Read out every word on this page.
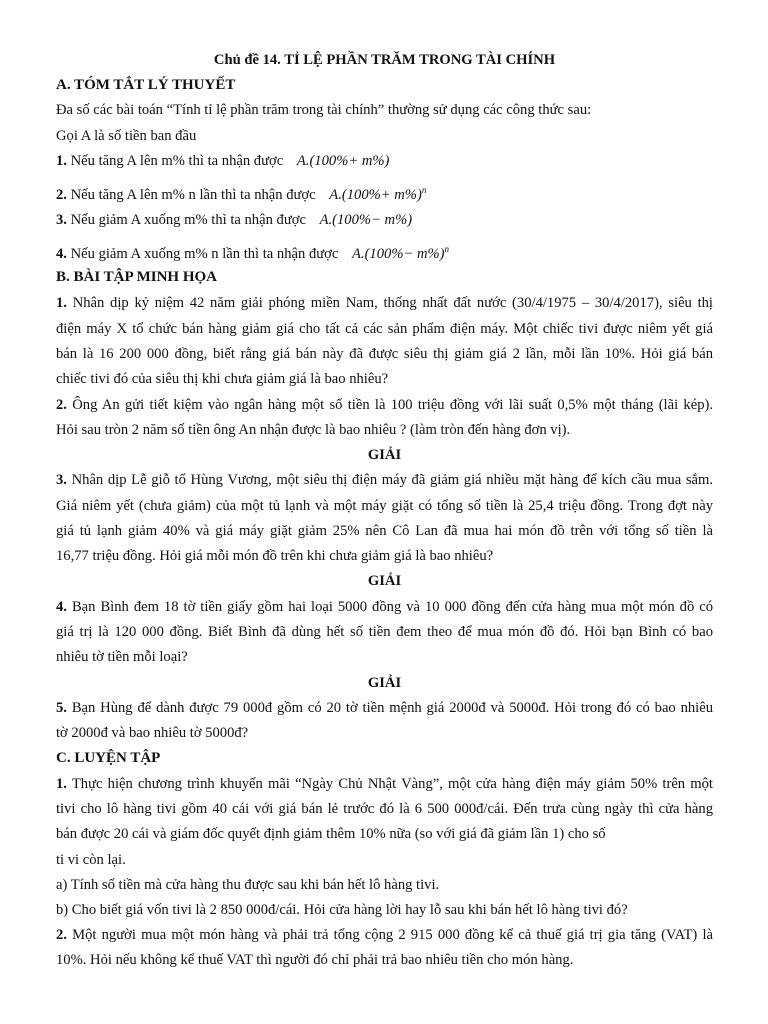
Chủ đề 14. TỈ LỆ PHẦN TRĂM TRONG TÀI CHÍNH
A. TÓM TẮT LÝ THUYẾT
Đa số các bài toán “Tính tỉ lệ phần trăm trong tài chính” thường sử dụng các công thức sau:
Gọi A là số tiền ban đầu
1. Nếu tăng A lên m% thì ta nhận được A.(100%+ m%)
2. Nếu tăng A lên m% n lần thì ta nhận được $A.(100\%+ m\%)^n$
3. Nếu giảm A xuống m% thì ta nhận được A.(100%− m%)
4. Nếu giảm A xuống m% n lần thì ta nhận được $A.(100\%- m\%)^n$
B. BÀI TẬP MINH HỌA
1. Nhân dịp kỷ niệm 42 năm giải phóng miền Nam, thống nhất đất nước (30/4/1975 – 30/4/2017), siêu thị
điện máy X tổ chức bán hàng giảm giá cho tất cả các sản phẩm điện máy. Một chiếc tivi được niêm yết giá
bán là 16 200 000 đồng, biết rằng giá bán này đã được siêu thị giảm giá 2 lần, mỗi lần 10%. Hỏi giá bán
chiếc tivi đó của siêu thị khi chưa giảm giá là bao nhiêu?
2. Ông An gửi tiết kiệm vào ngân hàng một số tiền là 100 triệu đồng với lãi suất 0,5% một tháng (lãi kép).
Hỏi sau tròn 2 năm số tiền ông An nhận được là bao nhiêu ? (làm tròn đến hàng đơn vị).
GIẢI
3. Nhân dịp Lễ giỗ tổ Hùng Vương, một siêu thị điện máy đã giảm giá nhiều mặt hàng để kích cầu mua sắm.
Giá niêm yết (chưa giảm) của một tủ lạnh và một máy giặt có tổng số tiền là 25,4 triệu đồng. Trong đợt này
giá tủ lạnh giảm 40% và giá máy giặt giảm 25% nên Cô Lan đã mua hai món đồ trên với tổng số tiền là
16,77 triệu đồng. Hỏi giá mỗi món đồ trên khi chưa giảm giá là bao nhiêu?
GIẢI
4. Bạn Bình đem 18 tờ tiền giấy gồm hai loại 5000 đồng và 10 000 đồng đến cửa hàng mua một món đồ có
giá trị là 120 000 đồng. Biết Bình đã dùng hết số tiền đem theo để mua món đồ đó. Hỏi bạn Bình có bao
nhiêu tờ tiền mỗi loại?
GIẢI
5. Bạn Hùng để dành được 79 000đ gồm có 20 tờ tiền mệnh giá 2000đ và 5000đ. Hỏi trong đó có bao nhiêu
tờ 2000đ và bao nhiêu tờ 5000đ?
C. LUYỆN TẬP
1. Thực hiện chương trình khuyến mãi “Ngày Chủ Nhật Vàng”, một cửa hàng điện máy giảm 50% trên một
tivi cho lô hàng tivi gồm 40 cái với giá bán lẻ trước đó là 6 500 000đ/cái. Đến trưa cùng ngày thì cửa hàng
bán được 20 cái và giám đốc quyết định giảm thêm 10% nữa (so với giá đã giảm lần 1) cho số
ti vi còn lại.
a) Tính số tiền mà cửa hàng thu được sau khi bán hết lô hàng tivi.
b) Cho biết giá vốn tivi là 2 850 000đ/cái. Hỏi cửa hàng lời hay lỗ sau khi bán hết lô hàng tivi đó?
2. Một người mua một món hàng và phải trả tổng cộng 2 915 000 đồng kể cả thuế giá trị gia tăng (VAT) là
10%. Hỏi nếu không kể thuế VAT thì người đó chỉ phải trả bao nhiêu tiền cho món hàng.
